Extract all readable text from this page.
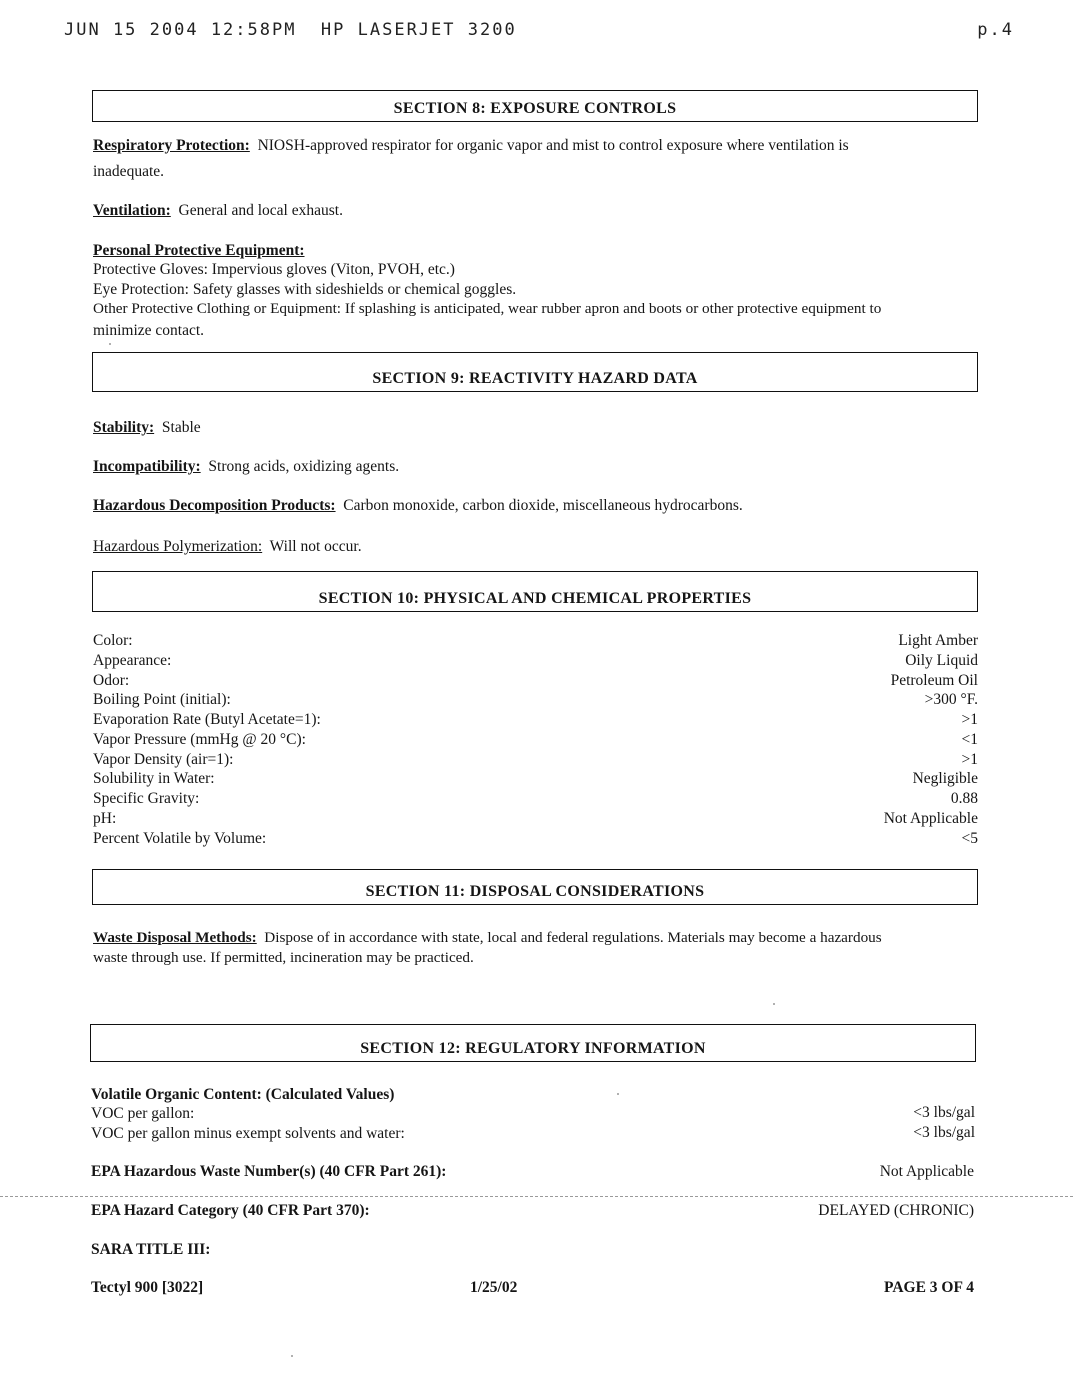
JUN 15 2004 12:58PM  HP LASERJET 3200	p.4
SECTION 8: EXPOSURE CONTROLS
Respiratory Protection: NIOSH-approved respirator for organic vapor and mist to control exposure where ventilation is
inadequate.
Ventilation: General and local exhaust.
Personal Protective Equipment:
Protective Gloves: Impervious gloves (Viton, PVOH, etc.)
Eye Protection: Safety glasses with sideshields or chemical goggles.
Other Protective Clothing or Equipment: If splashing is anticipated, wear rubber apron and boots or other protective equipment to
minimize contact.
SECTION 9: REACTIVITY HAZARD DATA
Stability: Stable
Incompatibility: Strong acids, oxidizing agents.
Hazardous Decomposition Products: Carbon monoxide, carbon dioxide, miscellaneous hydrocarbons.
Hazardous Polymerization: Will not occur.
SECTION 10: PHYSICAL AND CHEMICAL PROPERTIES
Color:	Light Amber
Appearance:	Oily Liquid
Odor:	Petroleum Oil
Boiling Point (initial):	>300 °F.
Evaporation Rate (Butyl Acetate=1):	>1
Vapor Pressure (mmHg @ 20 °C):	<1
Vapor Density (air=1):	>1
Solubility in Water:	Negligible
Specific Gravity:	0.88
pH:	Not Applicable
Percent Volatile by Volume:	<5
SECTION 11: DISPOSAL CONSIDERATIONS
Waste Disposal Methods: Dispose of in accordance with state, local and federal regulations. Materials may become a hazardous
waste through use. If permitted, incineration may be practiced.
SECTION 12: REGULATORY INFORMATION
Volatile Organic Content: (Calculated Values)
VOC per gallon:	<3 lbs/gal
VOC per gallon minus exempt solvents and water:	<3 lbs/gal
EPA Hazardous Waste Number(s) (40 CFR Part 261):	Not Applicable
EPA Hazard Category (40 CFR Part 370):	DELAYED (CHRONIC)
SARA TITLE III:
Tectyl 900 [3022]	1/25/02	PAGE 3 OF 4
